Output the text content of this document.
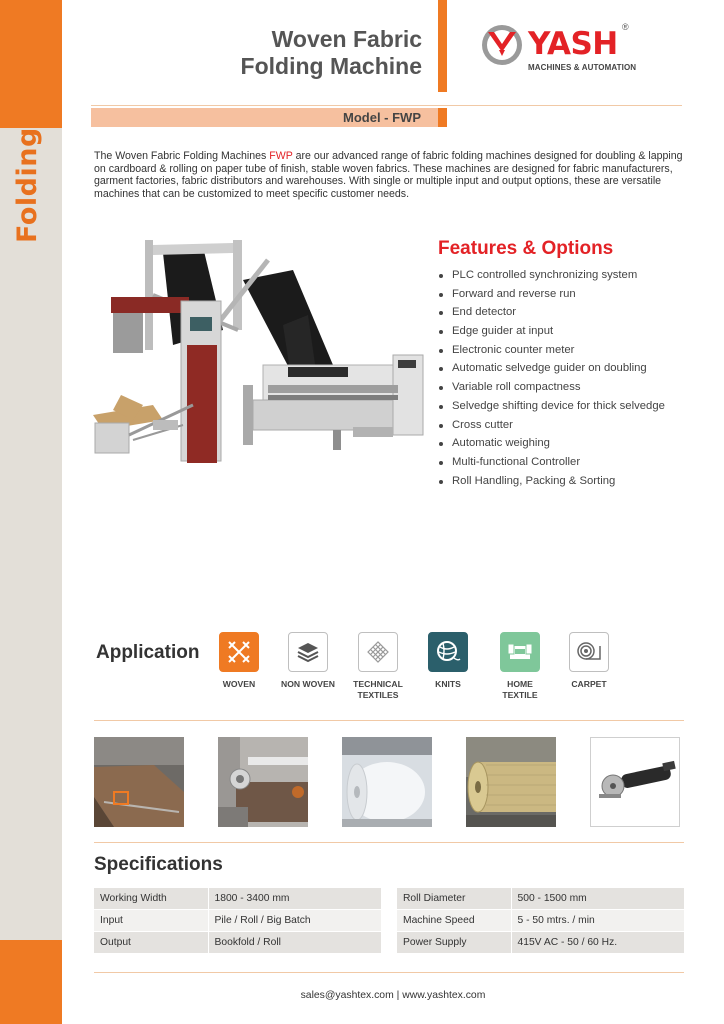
Folding
Woven Fabric
Folding Machine
YASH ®
MACHINES & AUTOMATION
Model - FWP

The Woven Fabric Folding Machines FWP are our advanced range of fabric folding machines designed for doubling & lapping on cardboard & rolling on paper tube of finish, stable woven fabrics. These machines are designed for fabric manufacturers, garment factories, fabric distributors and warehouses. With single or multiple input and output options, these are versatile machines that can be customized to meet specific customer needs.

Features & Options
PLC controlled synchronizing system
Forward and reverse run
End detector
Edge guider at input
Electronic counter meter
Automatic selvedge guider on doubling
Variable roll compactness
Selvedge shifting device for thick selvedge
Cross cutter
Automatic weighing
Multi-functional Controller
Roll Handling, Packing & Sorting
Application
WOVEN	NON WOVEN	TECHNICAL
TEXTILES
KNITS	HOME
TEXTILE
CARPET
Specifications
Working Width	1800 - 3400 mm
Input	Pile / Roll / Big Batch
Output	Bookfold / Roll
Roll Diameter	500 - 1500 mm
Machine Speed	5 - 50 mtrs. / min
Power Supply	415V AC - 50 / 60 Hz.
sales@yashtex.com | www.yashtex.com
